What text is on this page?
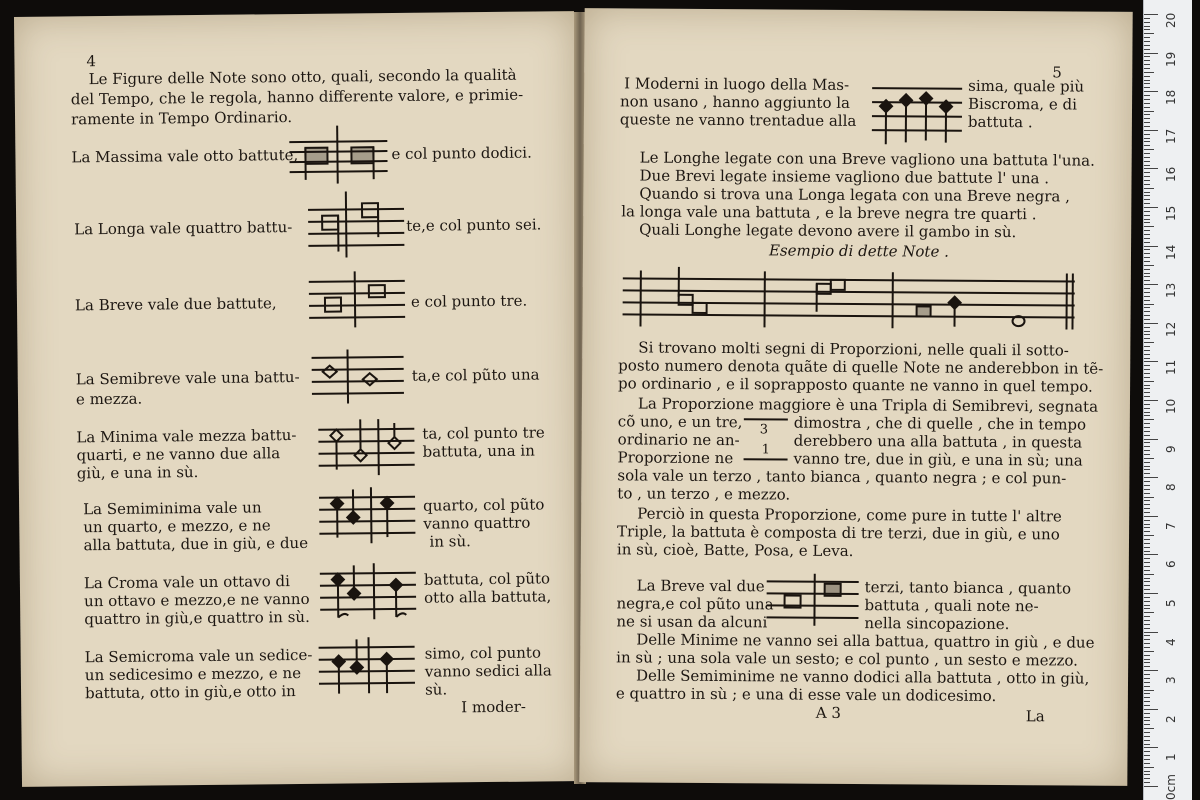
4
Le Figure delle Note sono otto, quali, secondo la qualità
del Tempo, che le regola, hanno differente valore, e primie-
ramente in Tempo Ordinario.
La Massima vale otto battute,	e col punto dodici.
La Longa vale quattro battu-	te,e col punto sei.
La Breve vale due battute,	e col punto tre.
La Semibreve vale una battu-
e mezza.
ta,e col pũto una
La Minima vale mezza battu-
quarti, e ne vanno due alla
giù, e una in sù.
ta, col punto tre
battuta, una in
La Semiminima vale un
un quarto, e mezzo, e ne
alla battuta, due in giù, e due
quarto, col pũto
vanno quattro
in sù.
La Croma vale un ottavo di
un ottavo e mezzo,e ne vanno
quattro in giù,e quattro in sù.
battuta, col pũto
otto alla battuta,
La Semicroma vale un sedice-
un sedicesimo e mezzo, e ne
battuta, otto in giù,e otto in
simo, col punto
vanno sedici alla
sù.
I moder-
5
I Moderni in luogo della Mas-
non usano , hanno aggiunto la
queste ne vanno trentadue alla
sima, quale più
Biscroma, e di
battuta .
Le Longhe legate con una Breve vagliono una battuta l'una.
Due Brevi legate insieme vagliono due battute l' una .
Quando si trova una Longa legata con una Breve negra ,
la longa vale una battuta , e la breve negra tre quarti .
Quali Longhe legate devono avere il gambo in sù.
Esempio di dette Note .
Si trovano molti segni di Proporzioni, nelle quali il sotto-
posto numero denota quãte di quelle Note ne anderebbon in tẽ-
po ordinario , e il soprapposto quante ne vanno in quel tempo.
La Proporzione maggiore è una Tripla di Semibrevi, segnata
cõ uno, e un tre,
ordinario ne an-
Proporzione ne
3
1
dimostra , che di quelle , che in tempo
derebbero una alla battuta , in questa
vanno tre, due in giù, e una in sù; una
sola vale un terzo , tanto bianca , quanto negra ; e col pun-
to , un terzo , e mezzo.
Perciò in questa Proporzione, come pure in tutte l' altre
Triple, la battuta è composta di tre terzi, due in giù, e uno
in sù, cioè, Batte, Posa, e Leva.
La Breve val due
negra,e col pũto una
ne si usan da alcuni
terzi, tanto bianca , quanto
battuta , quali note ne-
nella sincopazione.
Delle Minime ne vanno sei alla battua, quattro in giù , e due
in sù ; una sola vale un sesto; e col punto , un sesto e mezzo.
Delle Semiminime ne vanno dodici alla battuta , otto in giù,
e quattro in sù ; e una di esse vale un dodicesimo.
A 3	La
20
19
18
17
16
15
14
13
12
11
10
9
8
7
6
5
4
3
2
1
0cm
